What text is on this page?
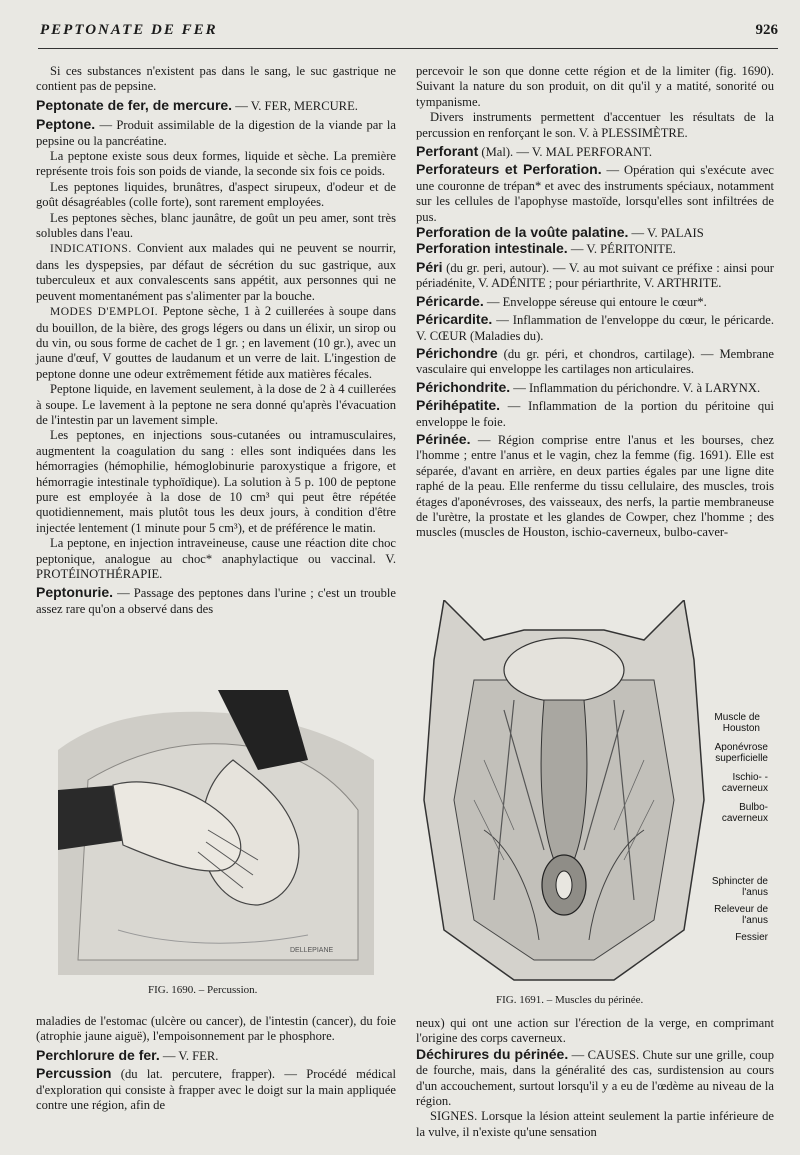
PEPTONATE DE FER	926

Si ces substances n'existent pas dans le sang, le suc gastrique ne contient pas de pepsine.

Peptonate de fer, de mercure. — V. FER, MERCURE.

Peptone. — Produit assimilable de la digestion de la viande par la pepsine ou la pancréatine.

La peptone existe sous deux formes, liquide et sèche. La première représente trois fois son poids de viande, la seconde six fois ce poids.

Les peptones liquides, brunâtres, d'aspect sirupeux, d'odeur et de goût désagréables (colle forte), sont rarement employées.

Les peptones sèches, blanc jaunâtre, de goût un peu amer, sont très solubles dans l'eau.

INDICATIONS. Convient aux malades qui ne peuvent se nourrir, dans les dyspepsies, par défaut de sécrétion du suc gastrique, aux tuberculeux et aux convalescents sans appétit, aux personnes qui ne peuvent momentanément pas s'alimenter par la bouche.

MODES D'EMPLOI. Peptone sèche, 1 à 2 cuillerées à soupe dans du bouillon, de la bière, des grogs légers ou dans un élixir, un sirop ou du vin, ou sous forme de cachet de 1 gr. ; en lavement (10 gr.), avec un jaune d'œuf, V gouttes de laudanum et un verre de lait. L'ingestion de peptone donne une odeur extrêmement fétide aux matières fécales.

Peptone liquide, en lavement seulement, à la dose de 2 à 4 cuillerées à soupe. Le lavement à la peptone ne sera donné qu'après l'évacuation de l'intestin par un lavement simple.

Les peptones, en injections sous-cutanées ou intramusculaires, augmentent la coagulation du sang : elles sont indiquées dans les hémorragies (hémophilie, hémoglobinurie paroxystique a frigore, et hémorragie intestinale typhoïdique). La solution à 5 p. 100 de peptone pure est employée à la dose de 10 cm³ qui peut être répétée quotidiennement, mais plutôt tous les deux jours, à condition d'être injectée lentement (1 minute pour 5 cm³), et de préférence le matin.

La peptone, en injection intraveineuse, cause une réaction dite choc peptonique, analogue au choc* anaphylactique ou vaccinal. V. PROTÉINOTHÉRAPIE.

Peptonurie. — Passage des peptones dans l'urine ; c'est un trouble assez rare qu'on a observé dans des

DELLEPIANE
FIG. 1690. – Percussion.

maladies de l'estomac (ulcère ou cancer), de l'intestin (cancer), du foie (atrophie jaune aiguë), l'empoisonnement par le phosphore.

Perchlorure de fer. — V. FER.

Percussion (du lat. percutere, frapper). — Procédé médical d'exploration qui consiste à frapper avec le doigt sur la main appliquée contre une région, afin de

percevoir le son que donne cette région et de la limiter (fig. 1690). Suivant la nature du son produit, on dit qu'il y a matité, sonorité ou tympanisme.

Divers instruments permettent d'accentuer les résultats de la percussion en renforçant le son. V. à PLESSIMÈTRE.

Perforant (Mal). — V. MAL PERFORANT.

Perforateurs et Perforation. — Opération qui s'exécute avec une couronne de trépan* et avec des instruments spéciaux, notamment sur les cellules de l'apophyse mastoïde, lorsqu'elles sont infiltrées de pus.

Perforation de la voûte palatine. — V. PALAIS

Perforation intestinale. — V. PÉRITONITE.

Péri (du gr. peri, autour). — V. au mot suivant ce préfixe : ainsi pour périadénite, V. ADÉNITE ; pour périarthrite, V. ARTHRITE.

Péricarde. — Enveloppe séreuse qui entoure le cœur*.

Péricardite. — Inflammation de l'enveloppe du cœur, le péricarde. V. CŒUR (Maladies du).

Périchondre (du gr. péri, et chondros, cartilage). — Membrane vasculaire qui enveloppe les cartilages non articulaires.

Périchondrite. — Inflammation du périchondre. V. à LARYNX.

Périhépatite. — Inflammation de la portion du péritoine qui enveloppe le foie.

Périnée. — Région comprise entre l'anus et les bourses, chez l'homme ; entre l'anus et le vagin, chez la femme (fig. 1691). Elle est séparée, d'avant en arrière, en deux parties égales par une ligne dite raphé de la peau. Elle renferme du tissu cellulaire, des muscles, trois étages d'aponévroses, des vaisseaux, des nerfs, la partie membraneuse de l'urètre, la prostate et les glandes de Cowper, chez l'homme ; des muscles (muscles de Houston, ischio-caverneux, bulbo-caver-

Muscle de Houston
Aponévrose superficielle
Ischio- -caverneux
Bulbo- caverneux
Sphincter de l'anus
Releveur de l'anus
Fessier
FIG. 1691. – Muscles du périnée.

neux) qui ont une action sur l'érection de la verge, en comprimant l'origine des corps caverneux.

Déchirures du périnée. — CAUSES. Chute sur une grille, coup de fourche, mais, dans la généralité des cas, surdistension au cours d'un accouchement, surtout lorsqu'il y a eu de l'œdème au niveau de la région.

SIGNES. Lorsque la lésion atteint seulement la partie inférieure de la vulve, il n'existe qu'une sensation
